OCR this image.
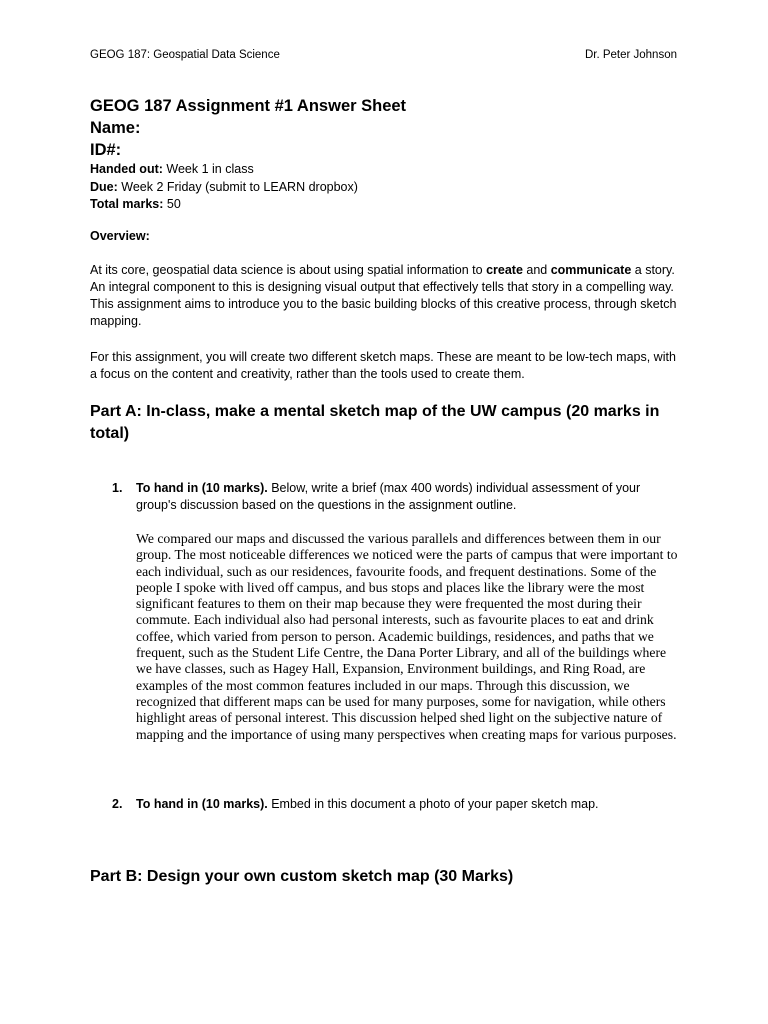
GEOG 187: Geospatial Data Science	Dr. Peter Johnson

GEOG 187 Assignment #1 Answer Sheet

Name:

ID#:

Handed out: Week 1 in class

Due: Week 2 Friday (submit to LEARN dropbox)

Total marks: 50

Overview:

At its core, geospatial data science is about using spatial information to create and communicate a story. An integral component to this is designing visual output that effectively tells that story in a compelling way. This assignment aims to introduce you to the basic building blocks of this creative process, through sketch mapping.

For this assignment, you will create two different sketch maps. These are meant to be low-tech maps, with a focus on the content and creativity, rather than the tools used to create them.

Part A: In-class, make a mental sketch map of the UW campus (20 marks in total)

1. To hand in (10 marks). Below, write a brief (max 400 words) individual assessment of your group's discussion based on the questions in the assignment outline.

We compared our maps and discussed the various parallels and differences between them in our group. The most noticeable differences we noticed were the parts of campus that were important to each individual, such as our residences, favourite foods, and frequent destinations. Some of the people I spoke with lived off campus, and bus stops and places like the library were the most significant features to them on their map because they were frequented the most during their commute. Each individual also had personal interests, such as favourite places to eat and drink coffee, which varied from person to person. Academic buildings, residences, and paths that we frequent, such as the Student Life Centre, the Dana Porter Library, and all of the buildings where we have classes, such as Hagey Hall, Expansion, Environment buildings, and Ring Road, are examples of the most common features included in our maps. Through this discussion, we recognized that different maps can be used for many purposes, some for navigation, while others highlight areas of personal interest. This discussion helped shed light on the subjective nature of mapping and the importance of using many perspectives when creating maps for various purposes.

2. To hand in (10 marks). Embed in this document a photo of your paper sketch map.

Part B: Design your own custom sketch map (30 Marks)
